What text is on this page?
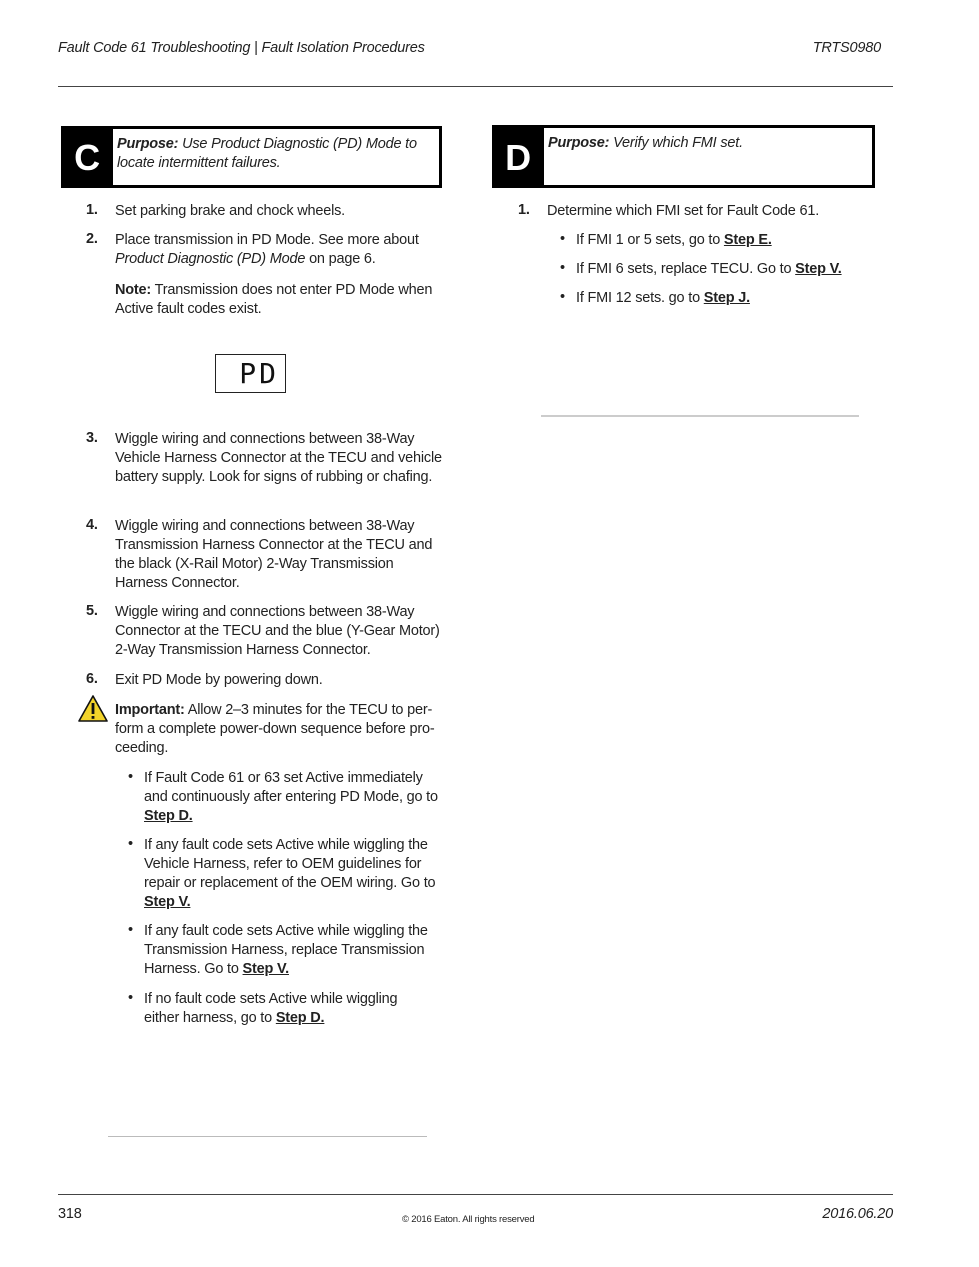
Fault Code 61 Troubleshooting | Fault Isolation Procedures	TRTS0980
C	Purpose: Use Product Diagnostic (PD) Mode to locate intermittent failures.	D	Purpose: Verify which FMI set.
1. Set parking brake and chock wheels.
2. Place transmission in PD Mode. See more about Product Diagnostic (PD) Mode on page 6.
Note: Transmission does not enter PD Mode when Active fault codes exist.
PD
3. Wiggle wiring and connections between 38-Way Vehicle Harness Connector at the TECU and vehicle battery supply. Look for signs of rubbing or chafing.
4. Wiggle wiring and connections between 38-Way Transmission Harness Connector at the TECU and the black (X-Rail Motor) 2-Way Transmission Harness Connector.
5. Wiggle wiring and connections between 38-Way Connector at the TECU and the blue (Y-Gear Motor) 2-Way Transmission Harness Connector.
6. Exit PD Mode by powering down.
Important: Allow 2–3 minutes for the TECU to per-form a complete power-down sequence before pro-ceeding.
• If Fault Code 61 or 63 set Active immediately and continuously after entering PD Mode, go to Step D.
• If any fault code sets Active while wiggling the Vehicle Harness, refer to OEM guidelines for repair or replacement of the OEM wiring. Go to Step V.
• If any fault code sets Active while wiggling the Transmission Harness, replace Transmission Harness. Go to Step V.
• If no fault code sets Active while wiggling either harness, go to Step D.
1. Determine which FMI set for Fault Code 61.
• If FMI 1 or 5 sets, go to Step E.
• If FMI 6 sets, replace TECU. Go to Step V.
• If FMI 12 sets. go to Step J.
318	© 2016 Eaton. All rights reserved	2016.06.20
